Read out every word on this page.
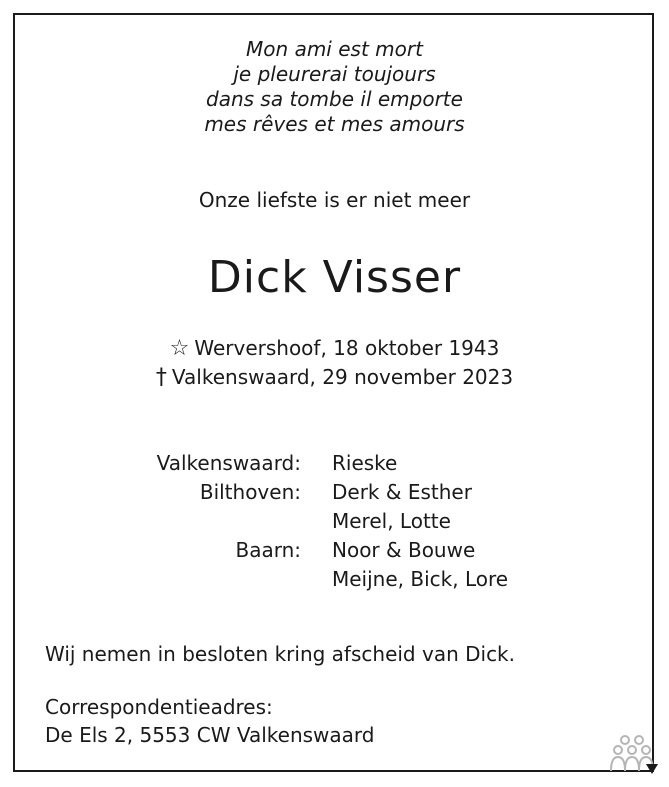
Mon ami est mort
je pleurerai toujours
dans sa tombe il emporte
mes rêves et mes amours
Onze liefste is er niet meer
Dick Visser
☆ Wervershoof, 18 oktober 1943
† Valkenswaard, 29 november 2023
Valkenswaard: Rieske
Bilthoven: Derk & Esther
Merel, Lotte
Baarn: Noor & Bouwe
Meijne, Bick, Lore
Wij nemen in besloten kring afscheid van Dick.
Correspondentieadres:
De Els 2, 5553 CW Valkenswaard
